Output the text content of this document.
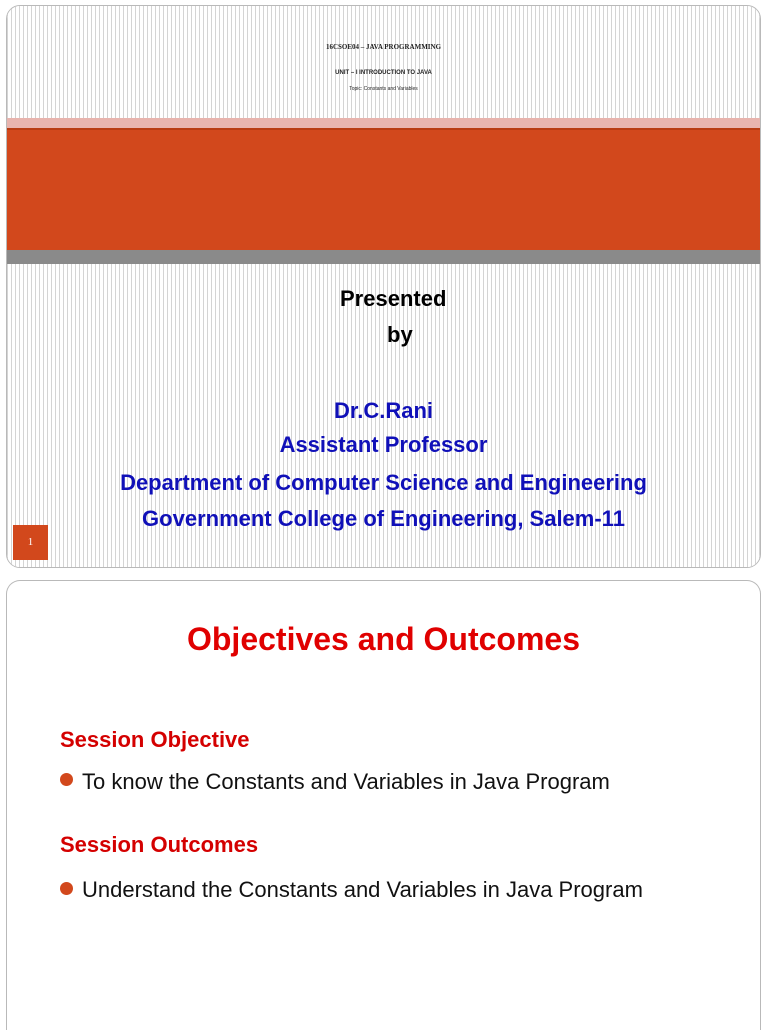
16CSOE04 – JAVA PROGRAMMING
UNIT – I INTRODUCTION TO JAVA
Topic: Constants and Variables
Presented
by
Dr.C.Rani
Assistant Professor
Department of Computer Science and Engineering
Government College of Engineering, Salem-11
1
Objectives and Outcomes
Session Objective
To know the Constants and Variables in Java Program
Session Outcomes
Understand the Constants and Variables in Java Program
